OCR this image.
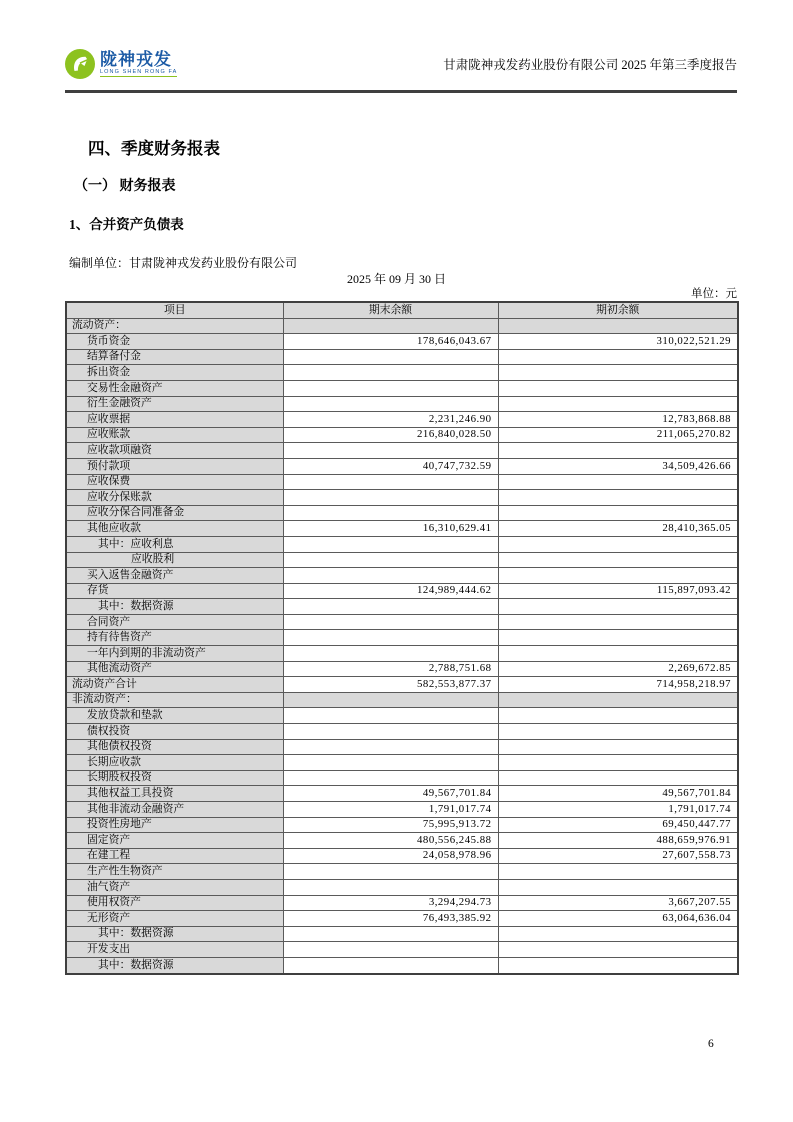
陇神戎发
LONG SHEN RONG FA	甘肃陇神戎发药业股份有限公司 2025 年第三季度报告
四、季度财务报表
（一） 财务报表
1、合并资产负债表
编制单位：甘肃陇神戎发药业股份有限公司
2025 年 09 月 30 日
单位：元
项目	期末余额	期初余额
流动资产：		
货币资金	178,646,043.67	310,022,521.29
结算备付金		
拆出资金		
交易性金融资产		
衍生金融资产		
应收票据	2,231,246.90	12,783,868.88
应收账款	216,840,028.50	211,065,270.82
应收款项融资		
预付款项	40,747,732.59	34,509,426.66
应收保费		
应收分保账款		
应收分保合同准备金		
其他应收款	16,310,629.41	28,410,365.05
其中：应收利息		
应收股利		
买入返售金融资产		
存货	124,989,444.62	115,897,093.42
其中：数据资源		
合同资产		
持有待售资产		
一年内到期的非流动资产		
其他流动资产	2,788,751.68	2,269,672.85
流动资产合计	582,553,877.37	714,958,218.97
非流动资产：		
发放贷款和垫款		
债权投资		
其他债权投资		
长期应收款		
长期股权投资		
其他权益工具投资	49,567,701.84	49,567,701.84
其他非流动金融资产	1,791,017.74	1,791,017.74
投资性房地产	75,995,913.72	69,450,447.77
固定资产	480,556,245.88	488,659,976.91
在建工程	24,058,978.96	27,607,558.73
生产性生物资产		
油气资产		
使用权资产	3,294,294.73	3,667,207.55
无形资产	76,493,385.92	63,064,636.04
其中：数据资源		
开发支出		
其中：数据资源		
6
